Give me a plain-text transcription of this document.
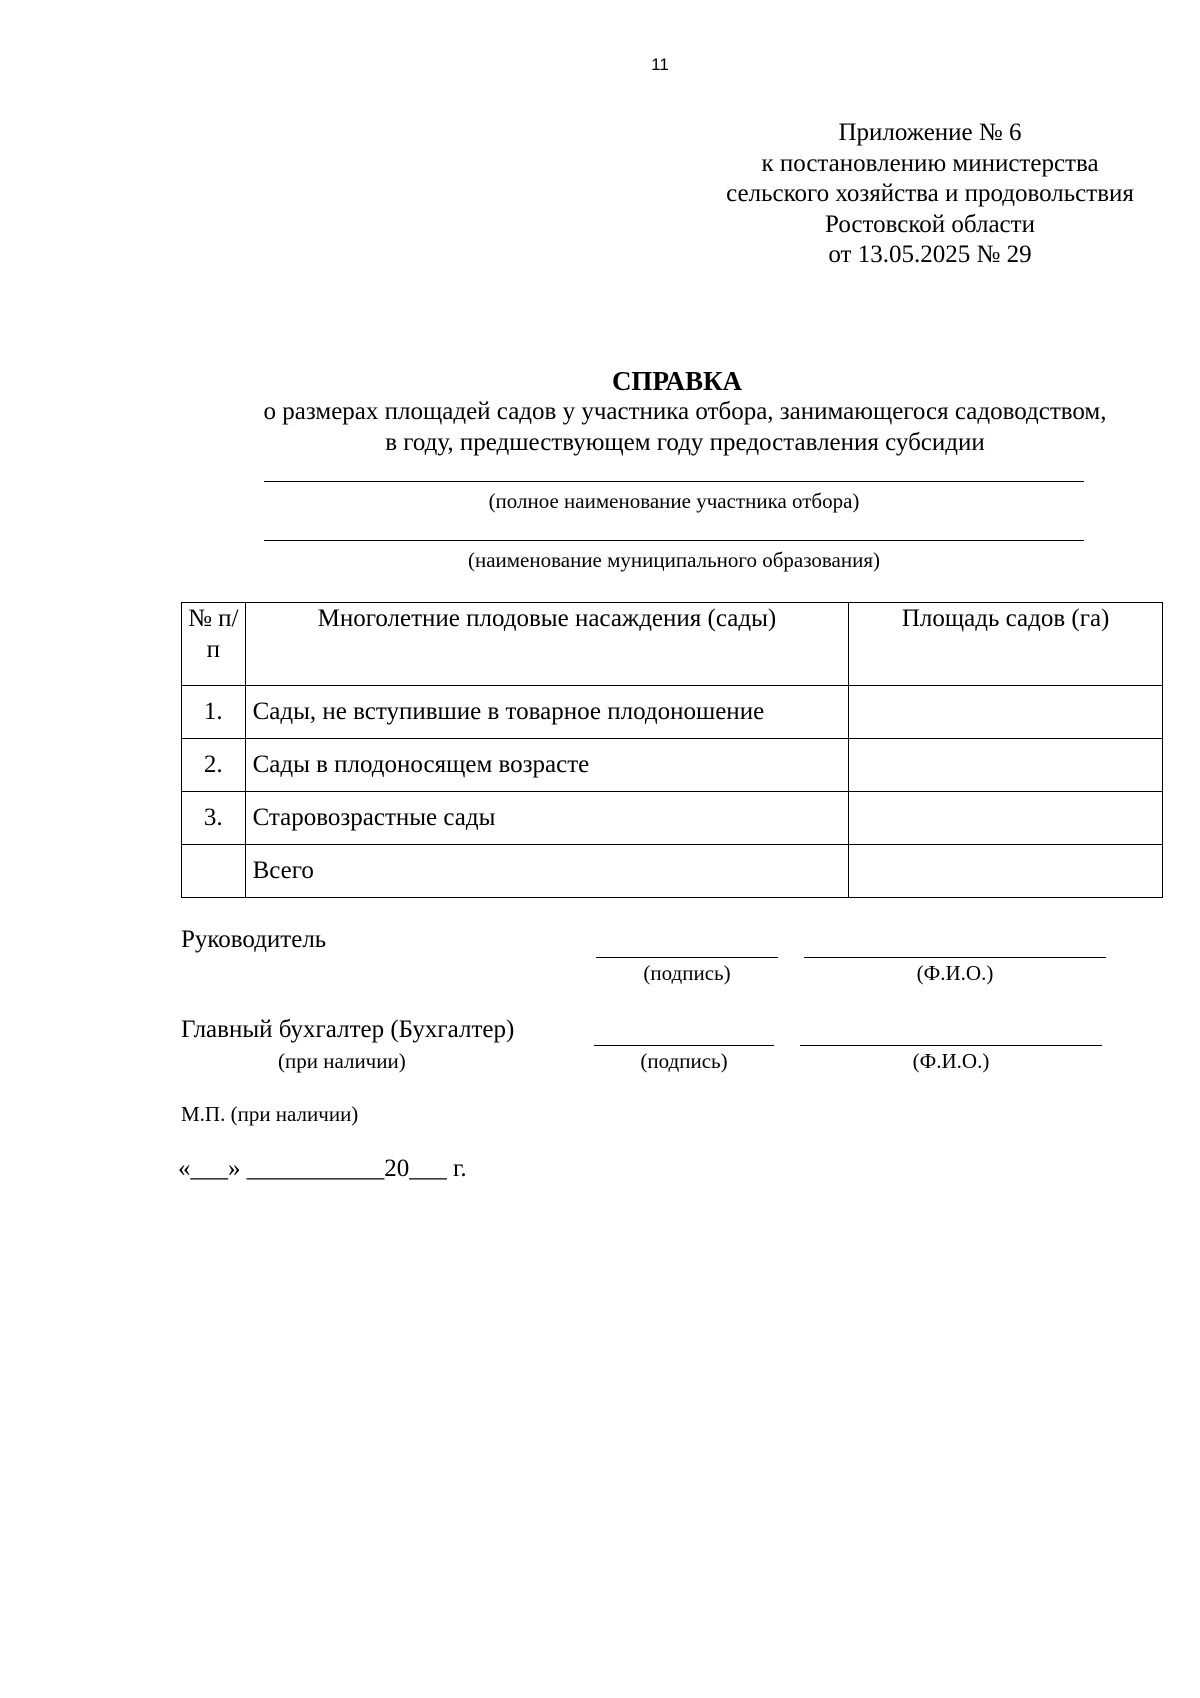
11
Приложение № 6
к постановлению министерства
сельского хозяйства и продовольствия
Ростовской области
от 13.05.2025 № 29
СПРАВКА
о размерах площадей садов у участника отбора, занимающегося садоводством,
в году, предшествующем году предоставления субсидии
(полное наименование участника отбора)
(наименование муниципального образования)
№ п/п	Многолетние плодовые насаждения (сады)	Площадь садов (га)
1.	Сады, не вступившие в товарное плодоношение	
2.	Сады в плодоносящем возрасте	
3.	Старовозрастные сады	
	Всего	
Руководитель
(подпись)	(Ф.И.О.)
Главный бухгалтер (Бухгалтер)
(при наличии)	(подпись)	(Ф.И.О.)
М.П. (при наличии)
«___» ___________20___ г.
